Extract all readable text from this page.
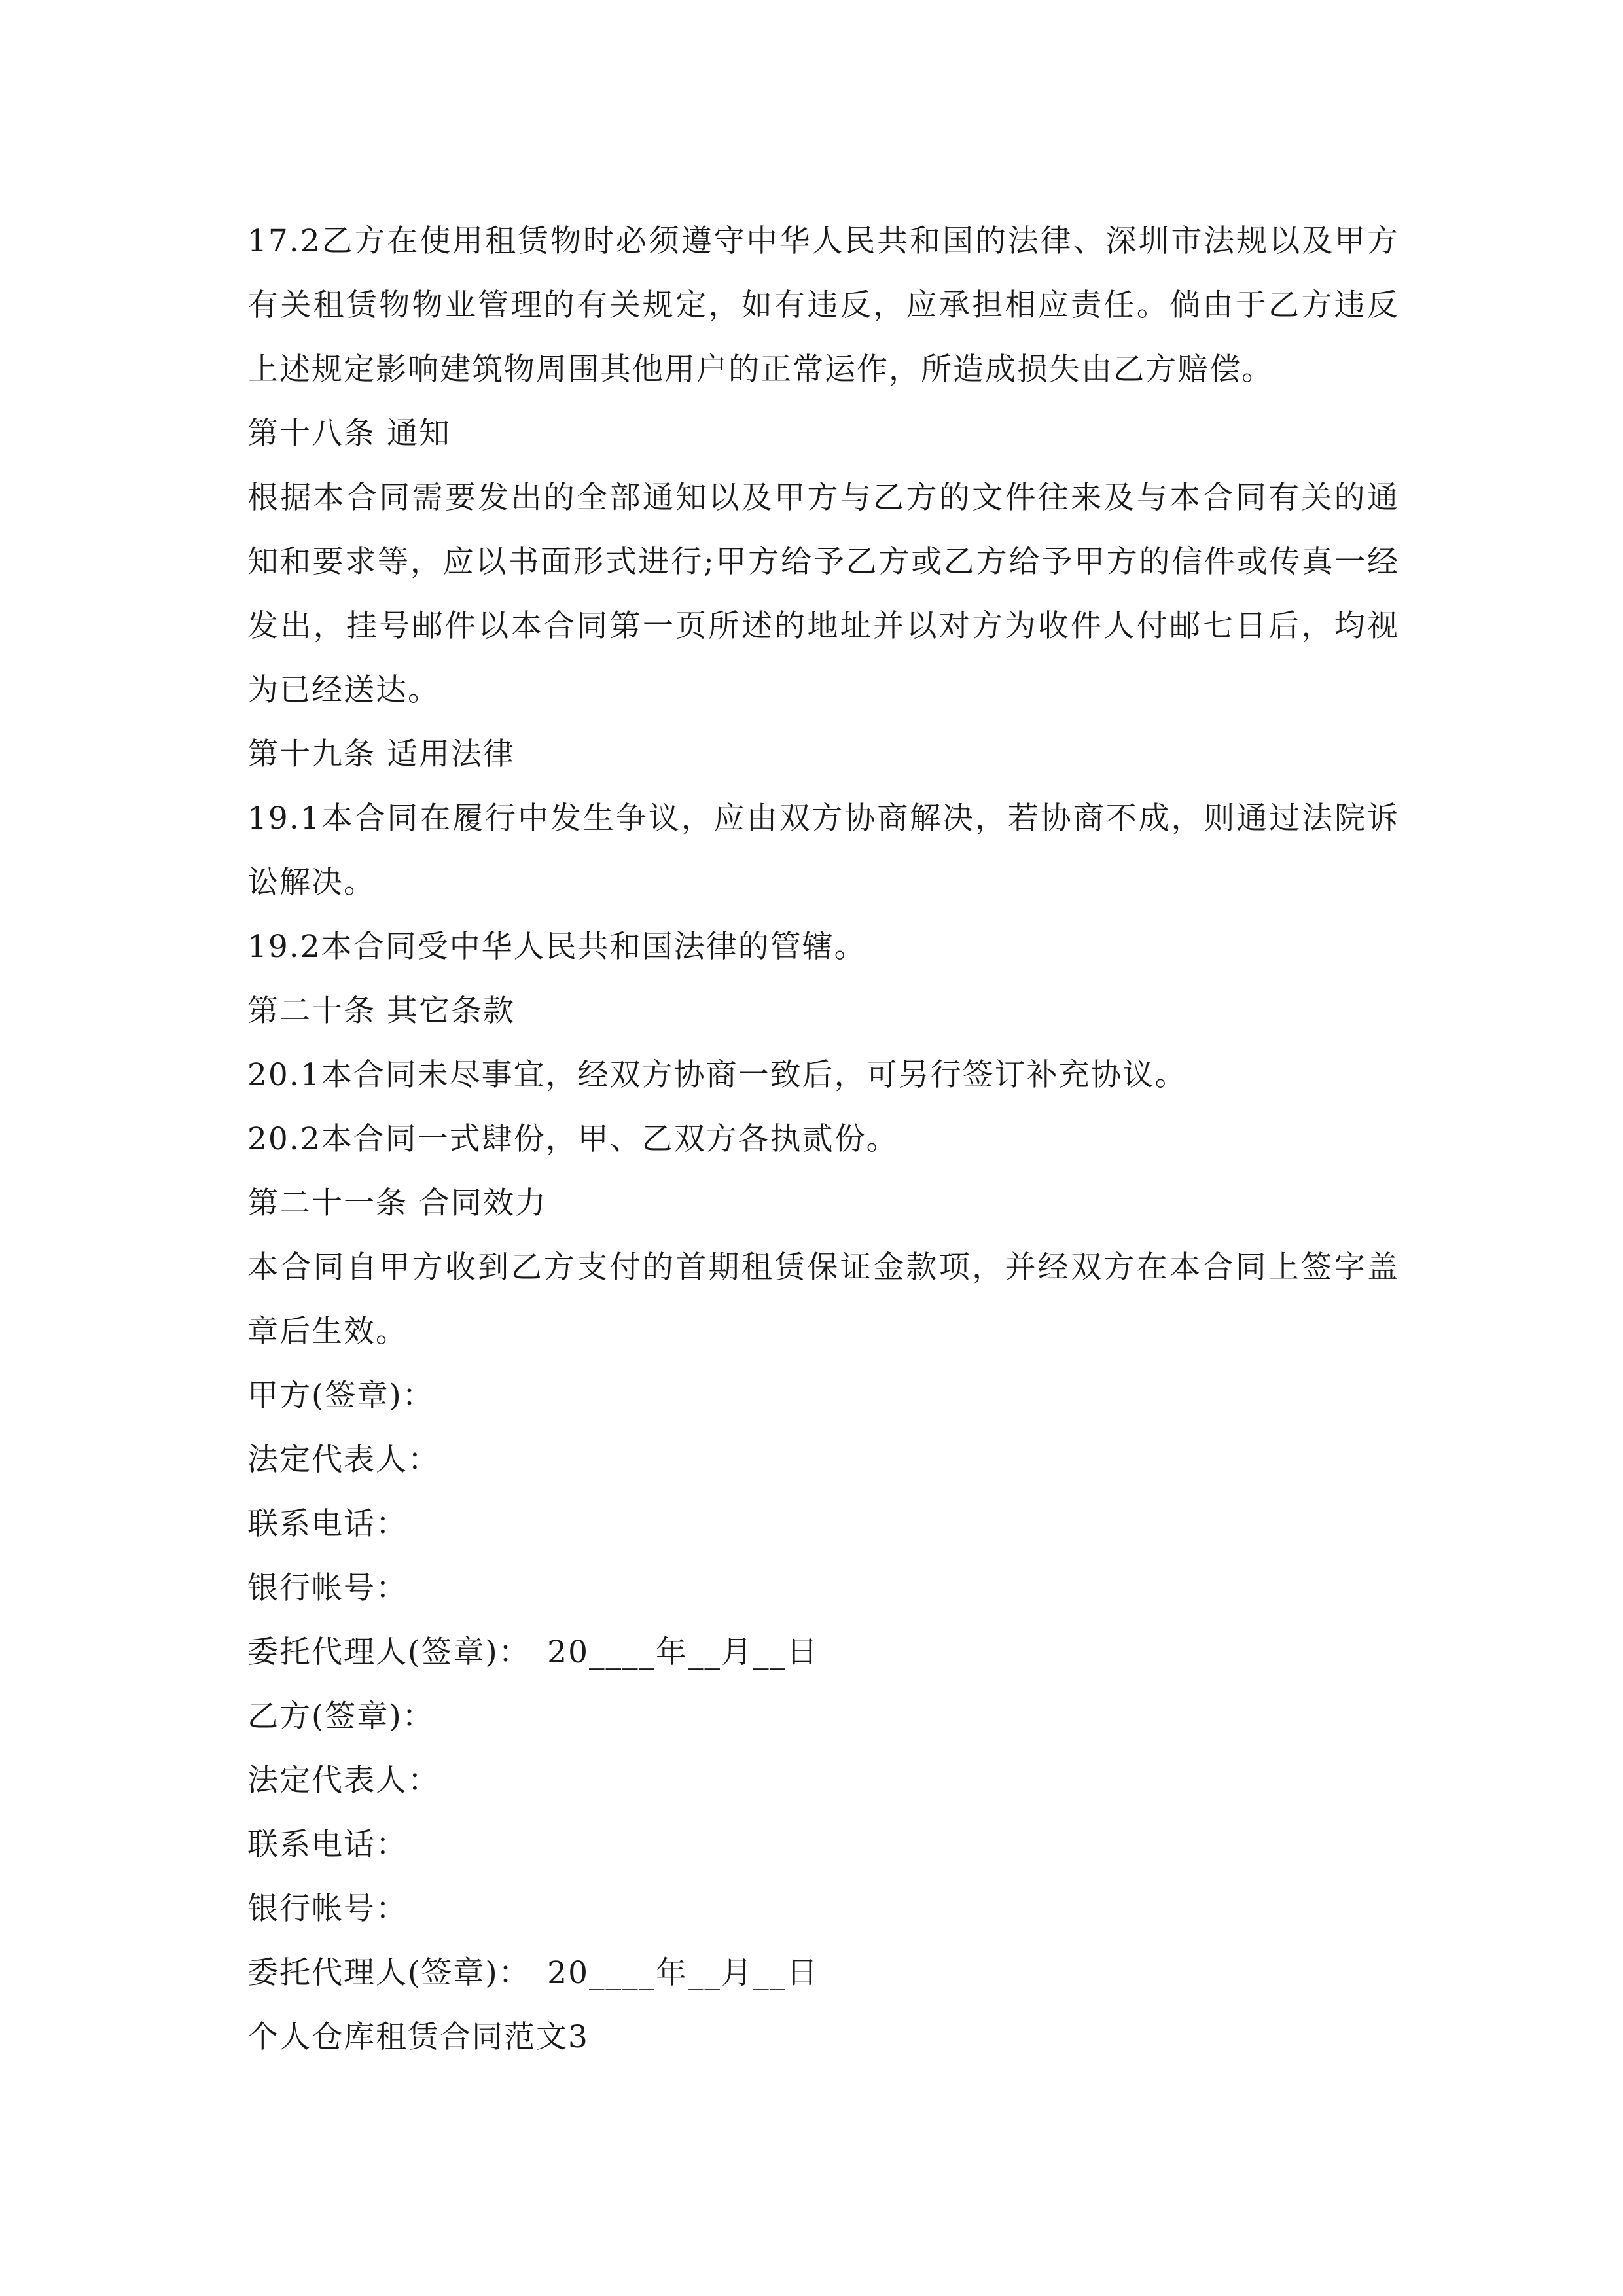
17.2乙方在使用租赁物时必须遵守中华人民共和国的法律、深圳市法规以及甲方有关租赁物物业管理的有关规定，如有违反，应承担相应责任。倘由于乙方违反上述规定影响建筑物周围其他用户的正常运作，所造成损失由乙方赔偿。

第十八条 通知

根据本合同需要发出的全部通知以及甲方与乙方的文件往来及与本合同有关的通知和要求等，应以书面形式进行;甲方给予乙方或乙方给予甲方的信件或传真一经发出，挂号邮件以本合同第一页所述的地址并以对方为收件人付邮七日后，均视为已经送达。

第十九条 适用法律

19.1本合同在履行中发生争议，应由双方协商解决，若协商不成，则通过法院诉讼解决。

19.2本合同受中华人民共和国法律的管辖。

第二十条 其它条款

20.1本合同未尽事宜，经双方协商一致后，可另行签订补充协议。

20.2本合同一式肆份，甲、乙双方各执贰份。

第二十一条 合同效力

本合同自甲方收到乙方支付的首期租赁保证金款项，并经双方在本合同上签字盖章后生效。

甲方(签章)：

法定代表人：

联系电话：

银行帐号：

委托代理人(签章)：　20____年__月__日

乙方(签章)：

法定代表人：

联系电话：

银行帐号：

委托代理人(签章)：　20____年__月__日

个人仓库租赁合同范文3
